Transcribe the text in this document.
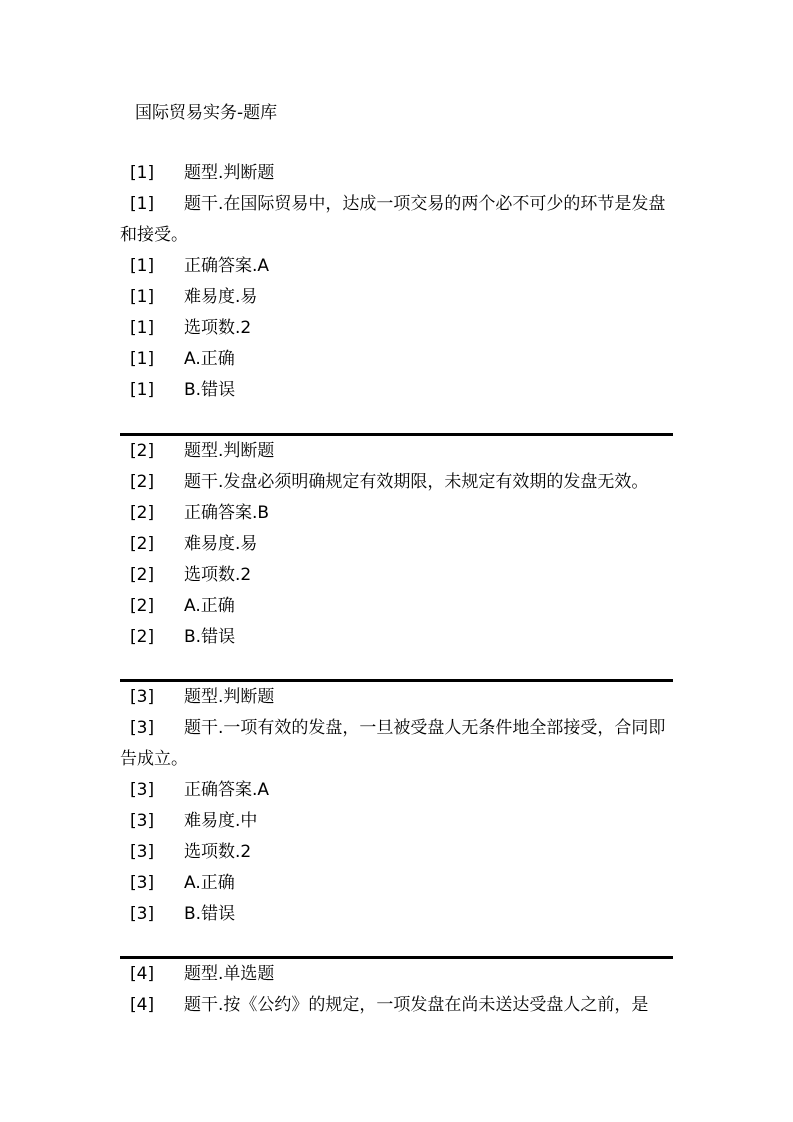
国际贸易实务-题库
[1] 题型.判断题
[1] 题干.在国际贸易中，达成一项交易的两个必不可少的环节是发盘和接受。
[1] 正确答案.A
[1] 难易度.易
[1] 选项数.2
[1] A.正确
[1] B.错误
[2] 题型.判断题
[2] 题干.发盘必须明确规定有效期限，未规定有效期的发盘无效。
[2] 正确答案.B
[2] 难易度.易
[2] 选项数.2
[2] A.正确
[2] B.错误
[3] 题型.判断题
[3] 题干.一项有效的发盘，一旦被受盘人无条件地全部接受，合同即告成立。
[3] 正确答案.A
[3] 难易度.中
[3] 选项数.2
[3] A.正确
[3] B.错误
[4] 题型.单选题
[4] 题干.按《公约》的规定，一项发盘在尚未送达受盘人之前，是
